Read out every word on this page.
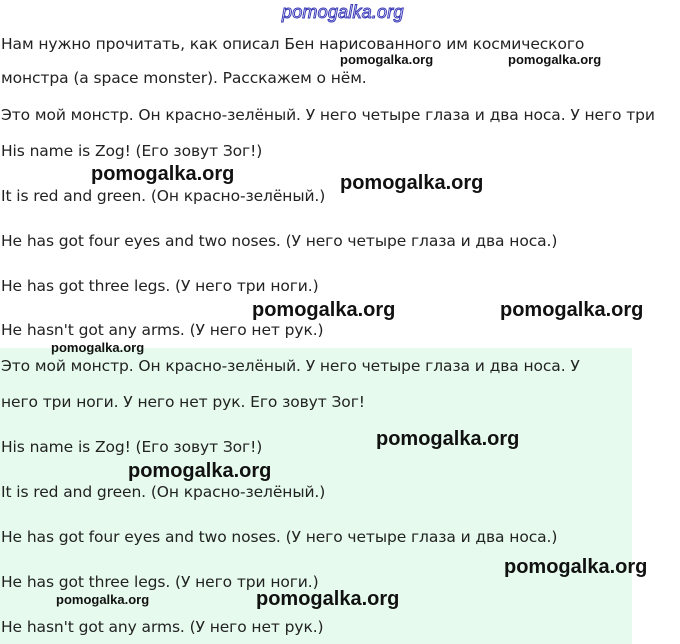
pomogalka.org
Нам нужно прочитать, как описал Бен нарисованного им космического
монстра (a space monster). Расскажем о нём.
Это мой монстр. Он красно-зелёный. У него четыре глаза и два носа. У него три
His name is Zog! (Его зовут Зог!)
It is red and green. (Он красно-зелёный.)
He has got four eyes and two noses. (У него четыре глаза и два носа.)
He has got three legs. (У него три ноги.)
He hasn't got any arms. (У него нет рук.)
Это мой монстр. Он красно-зелёный. У него четыре глаза и два носа. У
него три ноги. У него нет рук. Его зовут Зог!
His name is Zog! (Его зовут Зог!)
It is red and green. (Он красно-зелёный.)
He has got four eyes and two noses. (У него четыре глаза и два носа.)
He has got three legs. (У него три ноги.)
He hasn't got any arms. (У него нет рук.)
pomogalka.org	pomogalka.org
pomogalka.org	pomogalka.org
pomogalka.org	pomogalka.org
pomogalka.org
pomogalka.org
pomogalka.org
pomogalka.org
pomogalka.org	pomogalka.org
